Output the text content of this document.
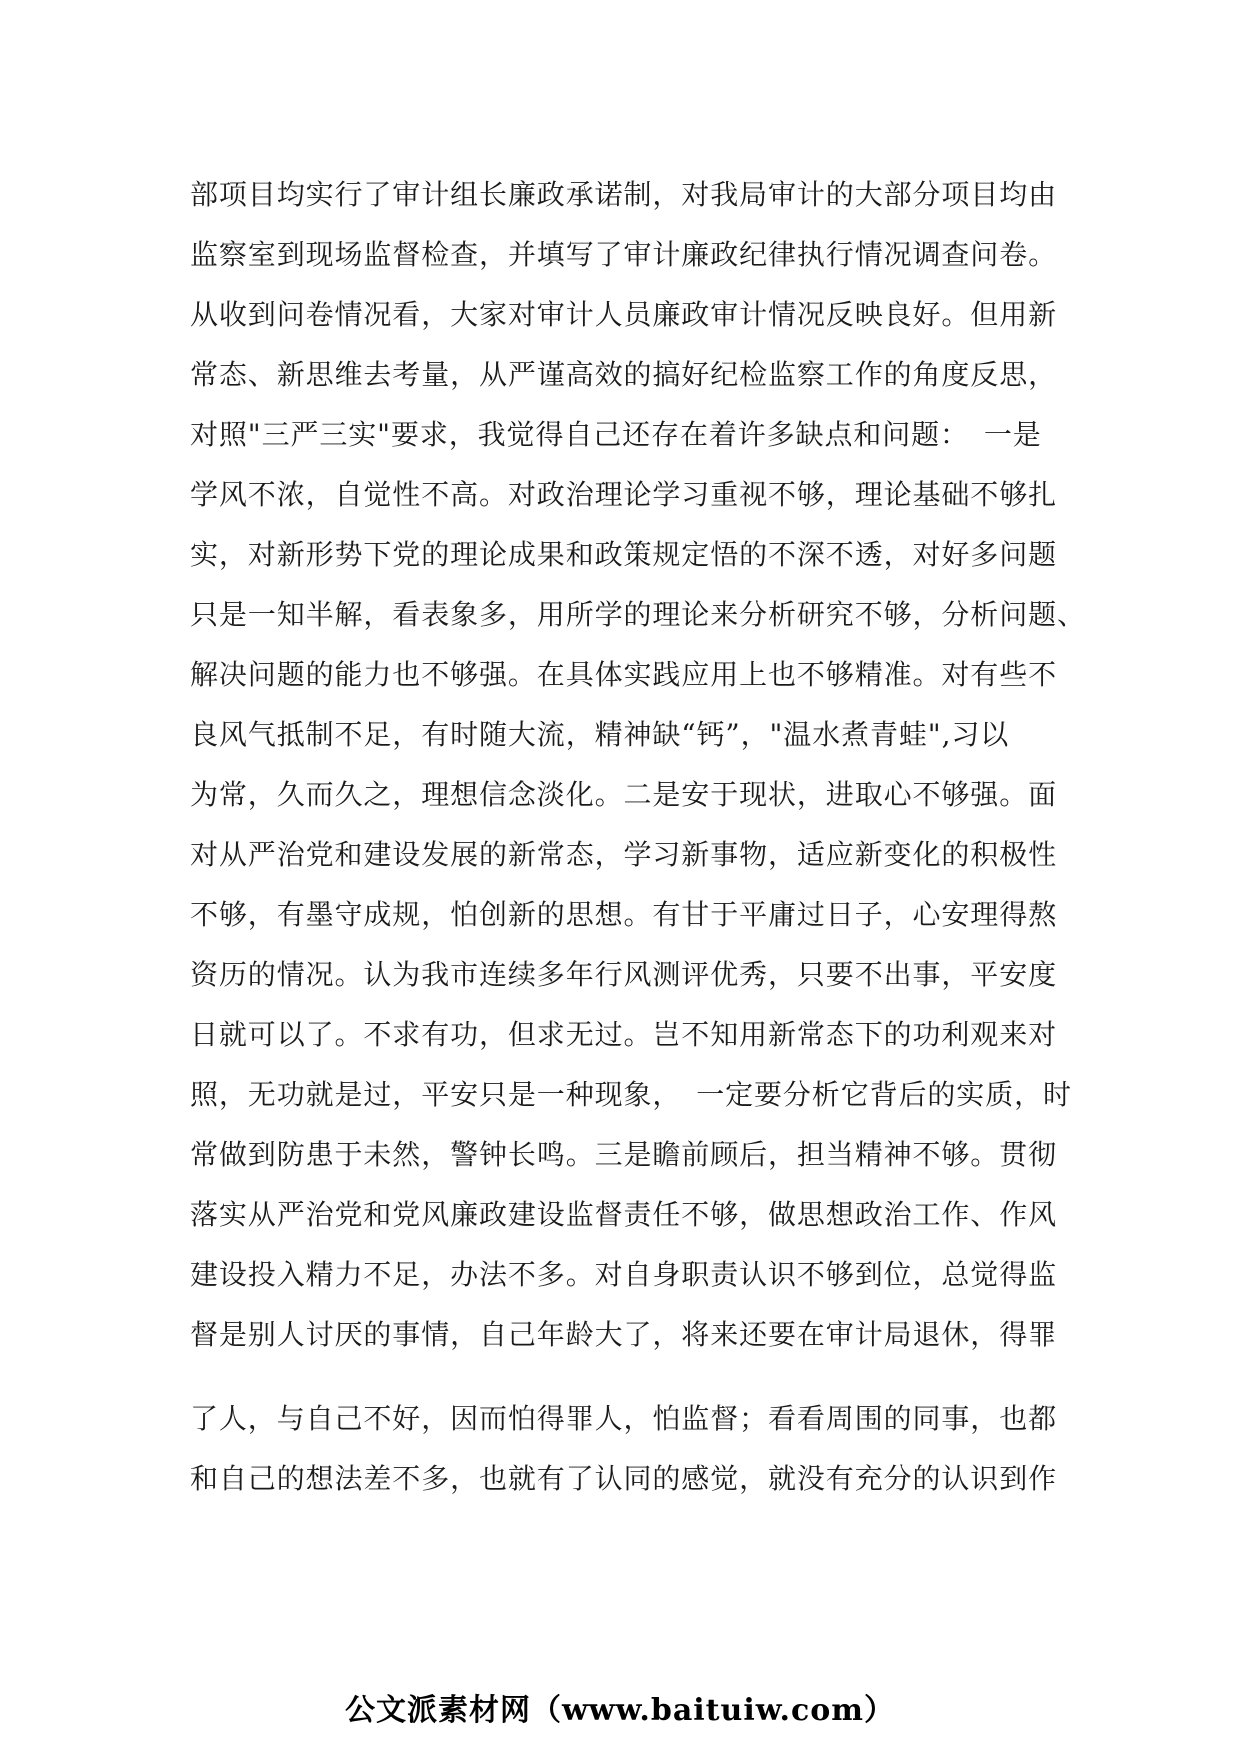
部项目均实行了审计组长廉政承诺制，对我局审计的大部分项目均由
监察室到现场监督检查，并填写了审计廉政纪律执行情况调查问卷。
从收到问卷情况看，大家对审计人员廉政审计情况反映良好。但用新
常态、新思维去考量，从严谨高效的搞好纪检监察工作的角度反思，
对照"三严三实"要求，我觉得自己还存在着许多缺点和问题：　一是
学风不浓，自觉性不高。对政治理论学习重视不够，理论基础不够扎
实，对新形势下党的理论成果和政策规定悟的不深不透，对好多问题
只是一知半解，看表象多，用所学的理论来分析研究不够，分析问题、
解决问题的能力也不够强。在具体实践应用上也不够精准。对有些不
良风气抵制不足，有时随大流，精神缺“钙”，"温水煮青蛙",习以
为常，久而久之，理想信念淡化。二是安于现状，进取心不够强。面
对从严治党和建设发展的新常态，学习新事物，适应新变化的积极性
不够，有墨守成规，怕创新的思想。有甘于平庸过日子，心安理得熬
资历的情况。认为我市连续多年行风测评优秀，只要不出事，平安度
日就可以了。不求有功，但求无过。岂不知用新常态下的功利观来对
照，无功就是过，平安只是一种现象，　一定要分析它背后的实质，时
常做到防患于未然，警钟长鸣。三是瞻前顾后，担当精神不够。贯彻
落实从严治党和党风廉政建设监督责任不够，做思想政治工作、作风
建设投入精力不足，办法不多。对自身职责认识不够到位，总觉得监
督是别人讨厌的事情，自己年龄大了，将来还要在审计局退休，得罪
了人，与自己不好，因而怕得罪人，怕监督；看看周围的同事，也都
和自己的想法差不多，也就有了认同的感觉，就没有充分的认识到作
公文派素材网（www.baituiw.com）
